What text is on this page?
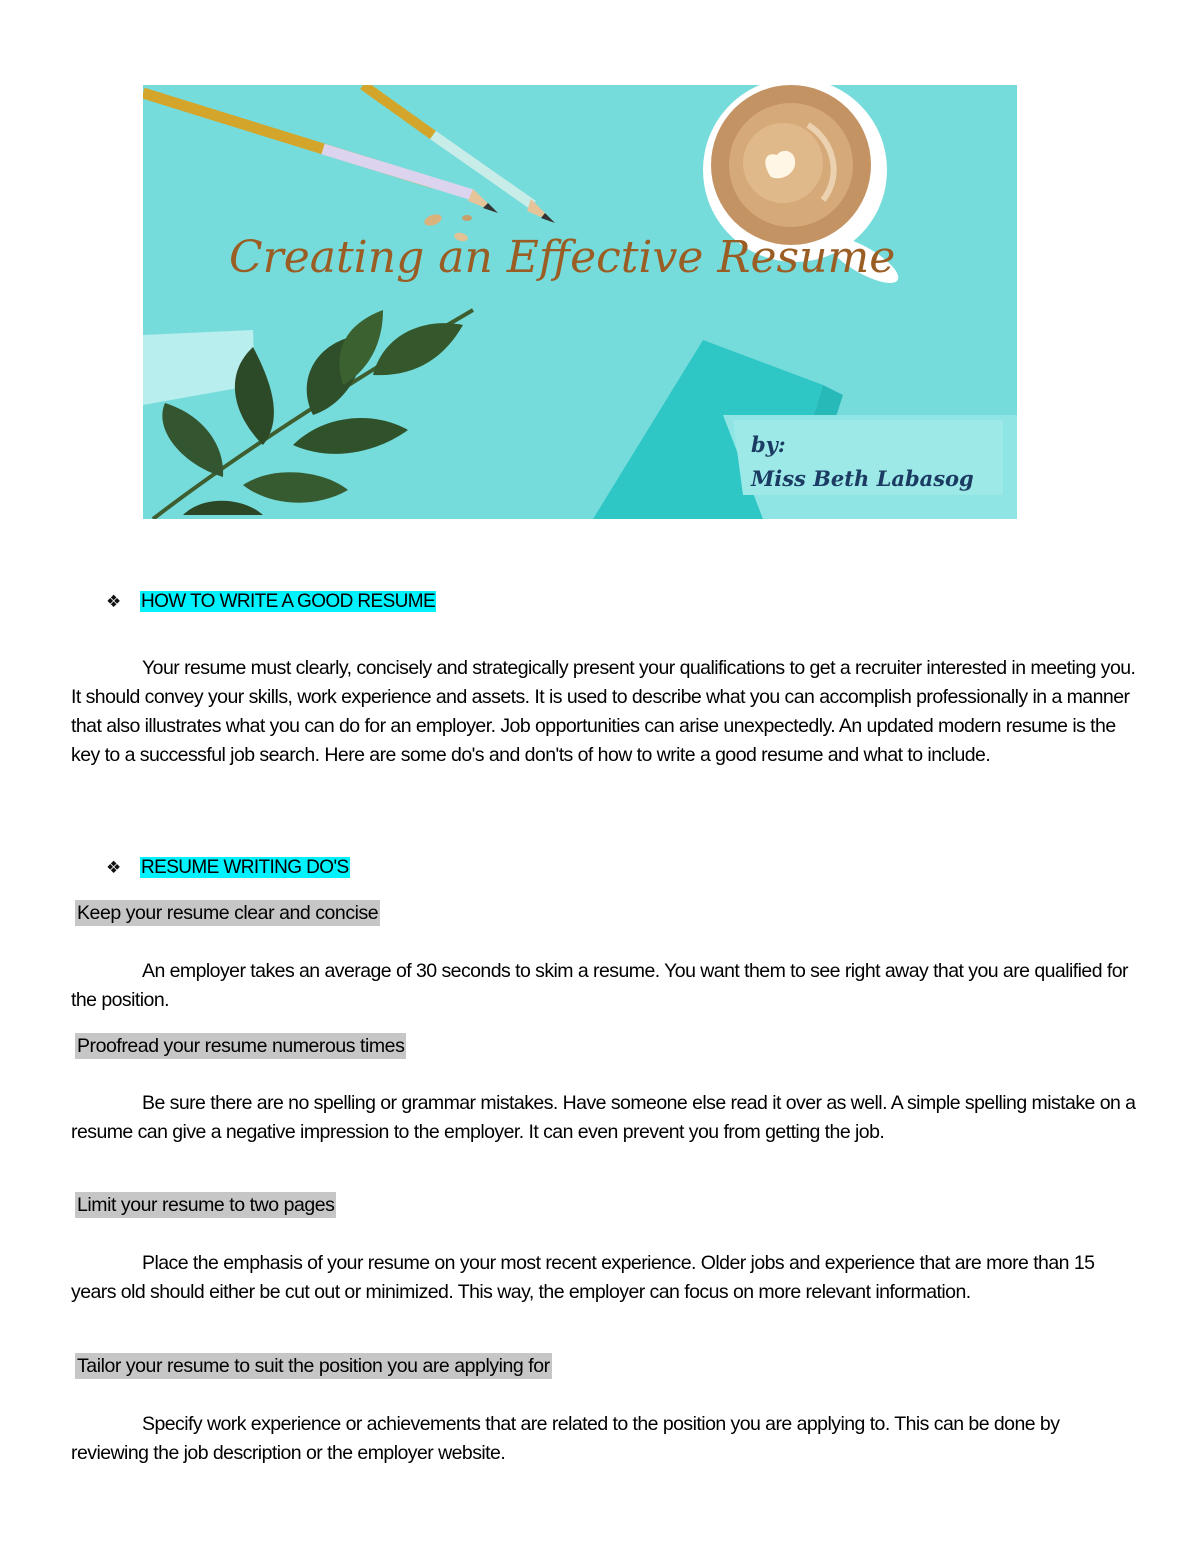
Creating an Effective Resume
by:
Miss Beth Labasog
❖ HOW TO WRITE A GOOD RESUME

Your resume must clearly, concisely and strategically present your qualifications to get a recruiter interested in meeting you. It should convey your skills, work experience and assets. It is used to describe what you can accomplish professionally in a manner that also illustrates what you can do for an employer. Job opportunities can arise unexpectedly. An updated modern resume is the key to a successful job search. Here are some do's and don'ts of how to write a good resume and what to include.

❖ RESUME WRITING DO'S
Keep your resume clear and concise

An employer takes an average of 30 seconds to skim a resume. You want them to see right away that you are qualified for the position.

Proofread your resume numerous times

Be sure there are no spelling or grammar mistakes. Have someone else read it over as well. A simple spelling mistake on a resume can give a negative impression to the employer. It can even prevent you from getting the job.

Limit your resume to two pages

Place the emphasis of your resume on your most recent experience. Older jobs and experience that are more than 15 years old should either be cut out or minimized. This way, the employer can focus on more relevant information.

Tailor your resume to suit the position you are applying for

Specify work experience or achievements that are related to the position you are applying to. This can be done by reviewing the job description or the employer website.
